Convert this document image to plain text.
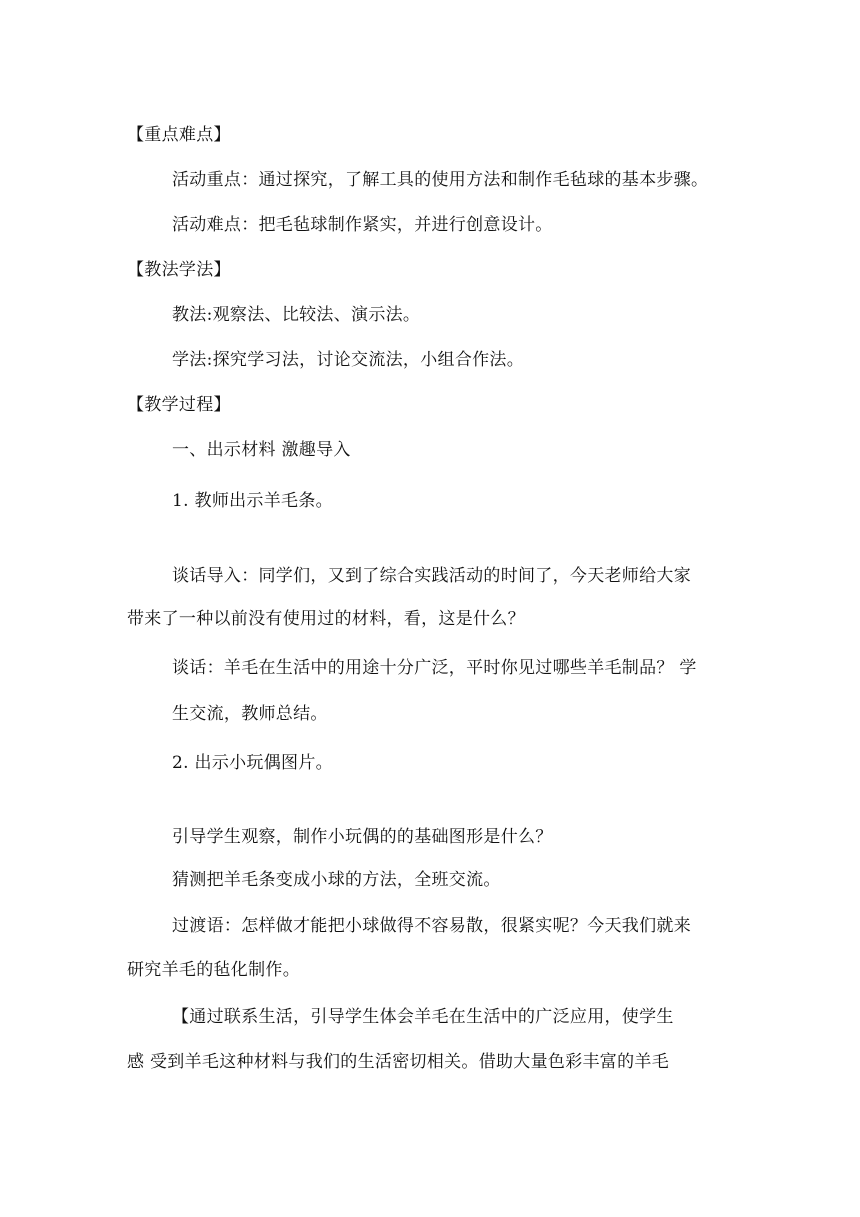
【重点难点】
活动重点：通过探究，了解工具的使用方法和制作毛毡球的基本步骤。
活动难点：把毛毡球制作紧实，并进行创意设计。
【教法学法】
教法:观察法、比较法、演示法。
学法:探究学习法，讨论交流法，小组合作法。
【教学过程】
一、出示材料 激趣导入
1. 教师出示羊毛条。
谈话导入：同学们，又到了综合实践活动的时间了，今天老师给大家
带来了一种以前没有使用过的材料，看，这是什么？
谈话：羊毛在生活中的用途十分广泛，平时你见过哪些羊毛制品？ 学
生交流，教师总结。
2. 出示小玩偶图片。
引导学生观察，制作小玩偶的的基础图形是什么？
猜测把羊毛条变成小球的方法，全班交流。
过渡语：怎样做才能把小球做得不容易散，很紧实呢？今天我们就来
研究羊毛的毡化制作。
【通过联系生活，引导学生体会羊毛在生活中的广泛应用，使学生
感 受到羊毛这种材料与我们的生活密切相关。借助大量色彩丰富的羊毛
